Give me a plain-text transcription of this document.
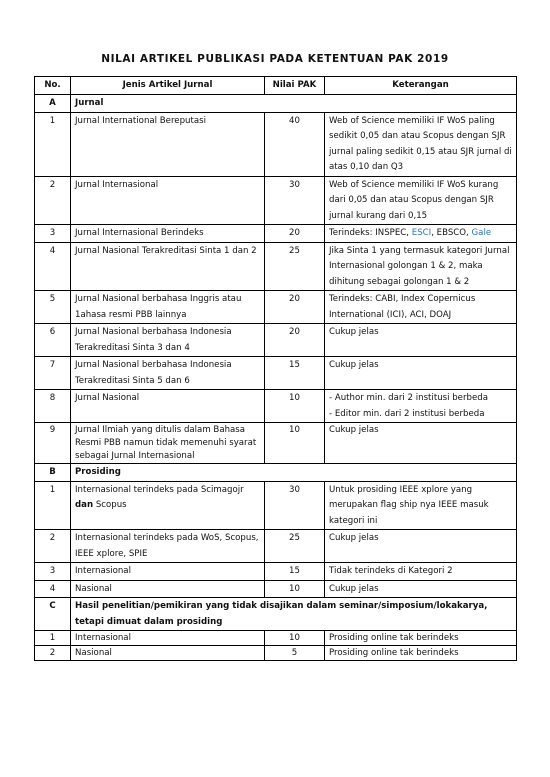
NILAI ARTIKEL PUBLIKASI PADA KETENTUAN PAK 2019
No.	Jenis Artikel Jurnal	Nilai PAK	Keterangan
A	Jurnal		
1	Jurnal International Bereputasi	40	Web of Science memiliki IF WoS paling sedikit 0,05 dan atau Scopus dengan SJR jurnal paling sedikit 0,15 atau SJR jurnal di atas 0,10 dan Q3
2	Jurnal Internasional	30	Web of Science memiliki IF WoS kurang dari 0,05 dan atau Scopus dengan SJR jurnal kurang dari 0,15
3	Jurnal Internasional Berindeks	20	Terindeks: INSPEC, ESCI, EBSCO, Gale
4	Jurnal Nasional Terakreditasi Sinta 1 dan 2	25	Jika Sinta 1 yang termasuk kategori Jurnal Internasional golongan 1 & 2, maka dihitung sebagai golongan 1 & 2
5	Jurnal Nasional berbahasa Inggris atau 1ahasa resmi PBB lainnya	20	Terindeks: CABI, Index Copernicus International (ICI), ACI, DOAJ
6	Jurnal Nasional berbahasa Indonesia Terakreditasi Sinta 3 dan 4	20	Cukup jelas
7	Jurnal Nasional berbahasa Indonesia Terakreditasi Sinta 5 dan 6	15	Cukup jelas
8	Jurnal Nasional	10	- Author min. dari 2 institusi berbeda
- Editor min. dari 2 institusi berbeda

9	Jurnal Ilmiah yang ditulis dalam Bahasa Resmi PBB namun tidak memenuhi syarat sebagai Jurnal Internasional	10	Cukup jelas
B	Prosiding		
1	Internasional terindeks pada Scimagojr dan Scopus	30	Untuk prosiding IEEE xplore yang merupakan flag ship nya IEEE masuk kategori ini
2	Internasional terindeks pada WoS, Scopus, IEEE xplore, SPIE	25	Cukup jelas
3	Internasional	15	Tidak terindeks di Kategori 2
4	Nasional	10	Cukup jelas
C	Hasil penelitian/pemikiran yang tidak disajikan dalam seminar/simposium/lokakarya, tetapi dimuat dalam prosiding		
1	Internasional	10	Prosiding online tak berindeks
2	Nasional	5	Prosiding online tak berindeks
